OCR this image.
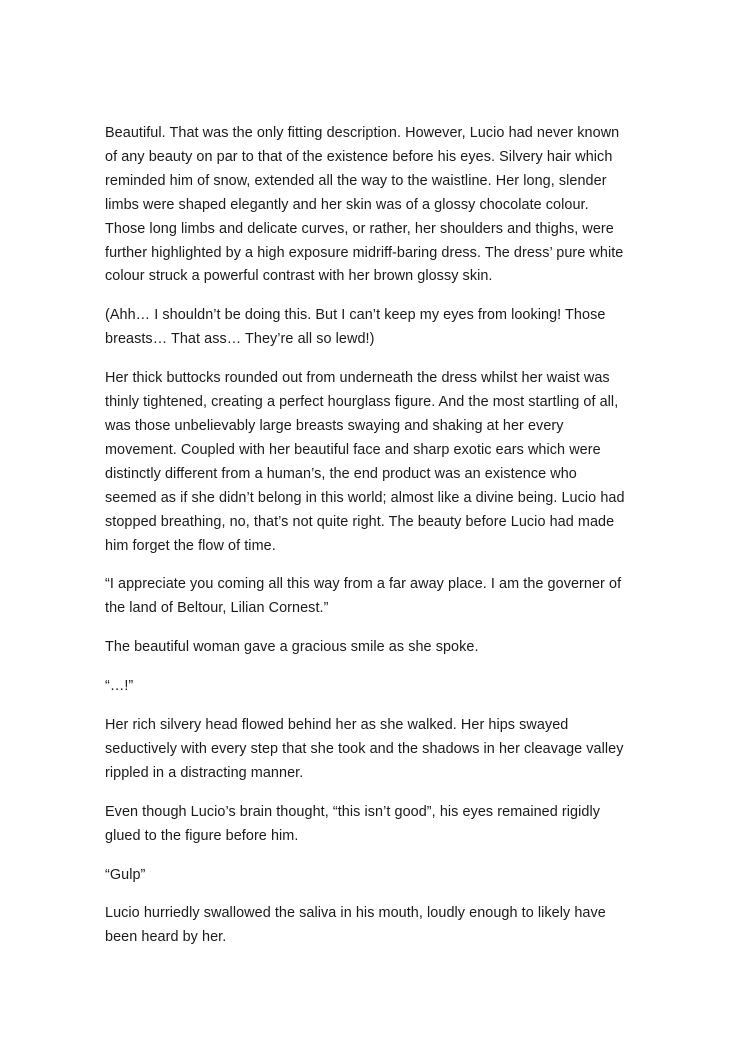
Beautiful. That was the only fitting description. However, Lucio had never known of any beauty on par to that of the existence before his eyes. Silvery hair which reminded him of snow, extended all the way to the waistline. Her long, slender limbs were shaped elegantly and her skin was of a glossy chocolate colour. Those long limbs and delicate curves, or rather, her shoulders and thighs, were further highlighted by a high exposure midriff-baring dress. The dress’ pure white colour struck a powerful contrast with her brown glossy skin.

(Ahh… I shouldn’t be doing this. But I can’t keep my eyes from looking! Those breasts… That ass… They’re all so lewd!)

Her thick buttocks rounded out from underneath the dress whilst her waist was thinly tightened, creating a perfect hourglass figure. And the most startling of all, was those unbelievably large breasts swaying and shaking at her every movement. Coupled with her beautiful face and sharp exotic ears which were distinctly different from a human’s, the end product was an existence who seemed as if she didn’t belong in this world; almost like a divine being. Lucio had stopped breathing, no, that’s not quite right. The beauty before Lucio had made him forget the flow of time.

“I appreciate you coming all this way from a far away place. I am the governer of the land of Beltour, Lilian Cornest.”

The beautiful woman gave a gracious smile as she spoke.

“…!”

Her rich silvery head flowed behind her as she walked. Her hips swayed seductively with every step that she took and the shadows in her cleavage valley rippled in a distracting manner.

Even though Lucio’s brain thought, “this isn’t good”, his eyes remained rigidly glued to the figure before him.

“Gulp”

Lucio hurriedly swallowed the saliva in his mouth, loudly enough to likely have been heard by her.
